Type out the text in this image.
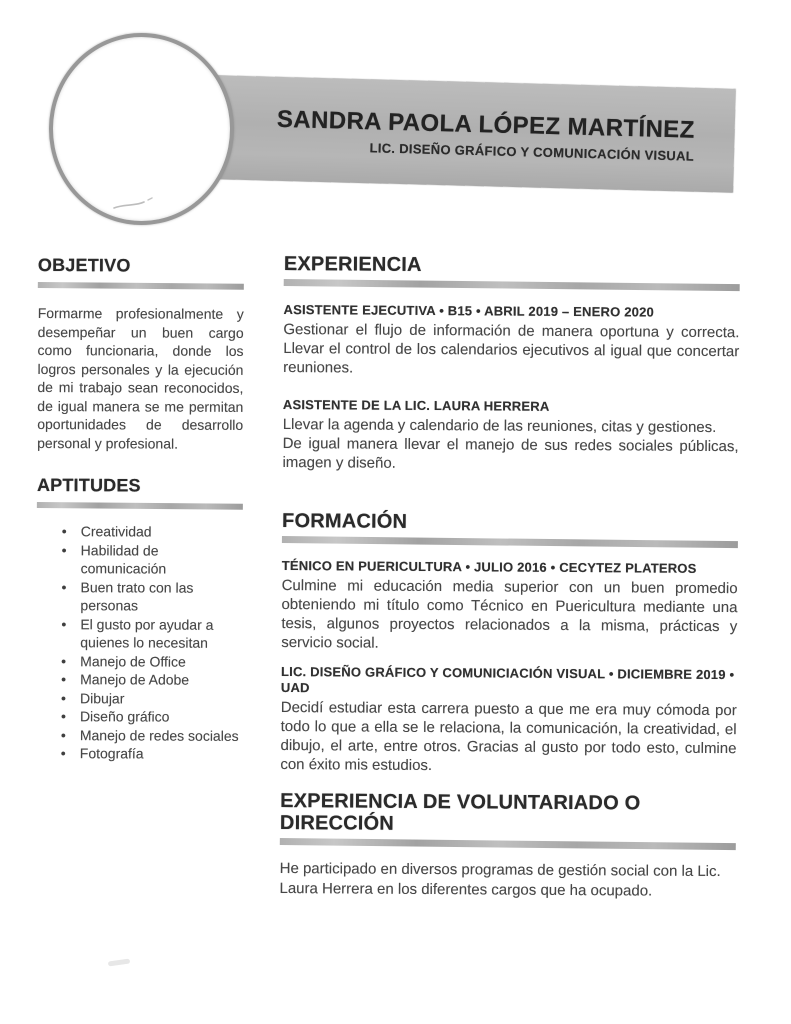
SANDRA PAOLA LÓPEZ MARTÍNEZ
LIC. DISEÑO GRÁFICO Y COMUNICACIÓN VISUAL
OBJETIVO

Formarme profesionalmente y desempeñar un buen cargo como funcionaria, donde los logros personales y la ejecución de mi trabajo sean reconocidos, de igual manera se me permitan oportunidades de desarrollo personal y profesional.

APTITUDES
• Creatividad
• Habilidad de comunicación
• Buen trato con las personas
• El gusto por ayudar a quienes lo necesitan
• Manejo de Office
• Manejo de Adobe
• Dibujar
• Diseño gráfico
• Manejo de redes sociales
• Fotografía
EXPERIENCIA

ASISTENTE EJECUTIVA • B15 • ABRIL 2019 – ENERO 2020

Gestionar el flujo de información de manera oportuna y correcta. Llevar el control de los calendarios ejecutivos al igual que concertar reuniones.

ASISTENTE DE LA LIC. LAURA HERRERA

Llevar la agenda y calendario de las reuniones, citas y gestiones.

De igual manera llevar el manejo de sus redes sociales públicas, imagen y diseño.

FORMACIÓN

TÉNICO EN PUERICULTURA • JULIO 2016 • CECYTEZ PLATEROS

Culmine mi educación media superior con un buen promedio obteniendo mi título como Técnico en Puericultura mediante una tesis, algunos proyectos relacionados a la misma, prácticas y servicio social.

LIC. DISEÑO GRÁFICO Y COMUNICIACIÓN VISUAL • DICIEMBRE 2019 • UAD

Decidí estudiar esta carrera puesto a que me era muy cómoda por todo lo que a ella se le relaciona, la comunicación, la creatividad, el dibujo, el arte, entre otros. Gracias al gusto por todo esto, culmine con éxito mis estudios.

EXPERIENCIA DE VOLUNTARIADO O DIRECCIÓN

He participado en diversos programas de gestión social con la Lic. Laura Herrera en los diferentes cargos que ha ocupado.
